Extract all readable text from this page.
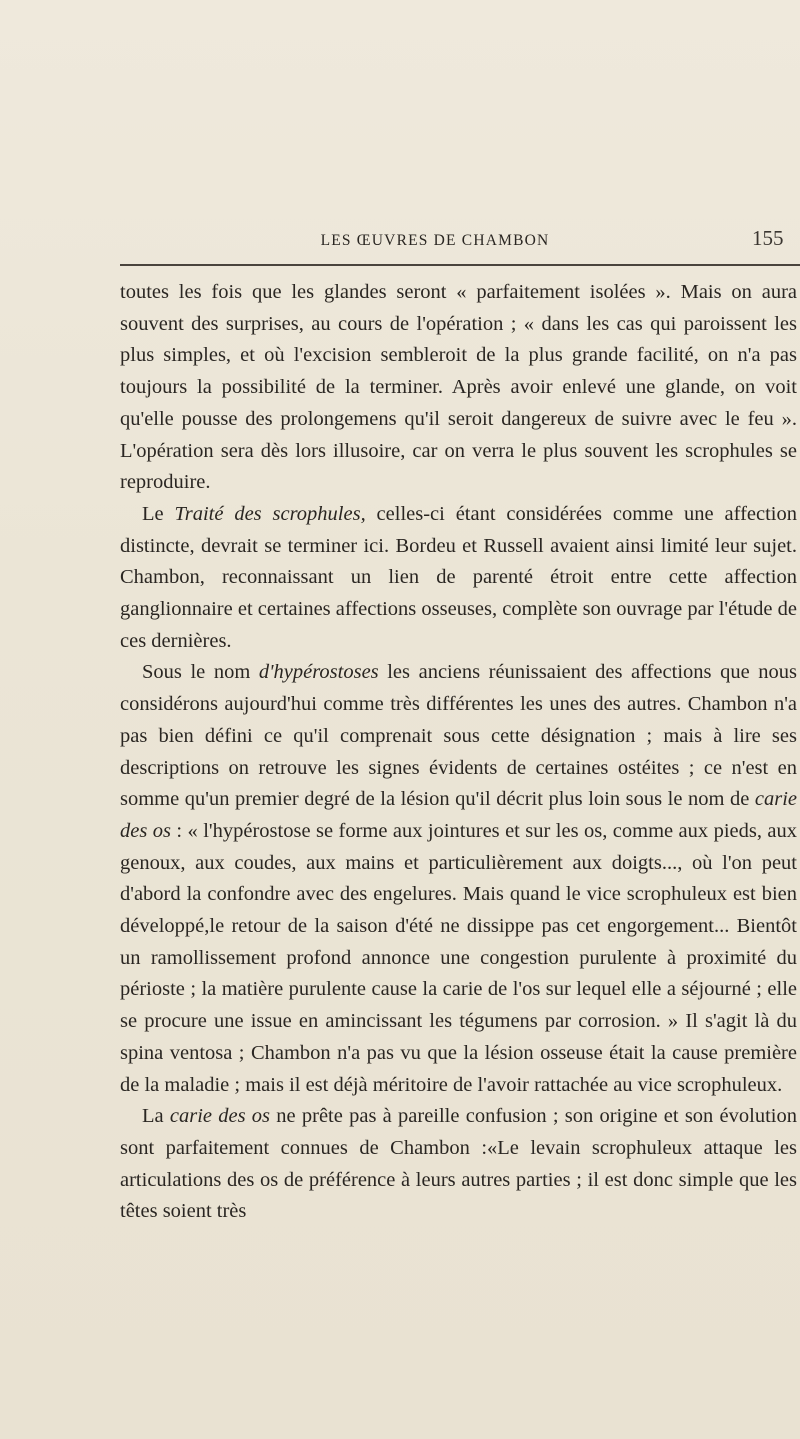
LES ŒUVRES DE CHAMBON	155

toutes les fois que les glandes seront « parfaitement isolées ». Mais on aura souvent des surprises, au cours de l'opération ; « dans les cas qui paroissent les plus simples, et où l'excision sembleroit de la plus grande facilité, on n'a pas toujours la possibilité de la terminer. Après avoir enlevé une glande, on voit qu'elle pousse des prolongemens qu'il seroit dangereux de suivre avec le feu ». L'opération sera dès lors illusoire, car on verra le plus souvent les scrophules se reproduire.

Le Traité des scrophules, celles-ci étant considérées comme une affection distincte, devrait se terminer ici. Bordeu et Russell avaient ainsi limité leur sujet. Chambon, reconnaissant un lien de parenté étroit entre cette affection ganglionnaire et certaines affections osseuses, complète son ouvrage par l'étude de ces dernières.

Sous le nom d'hypérostoses les anciens réunissaient des affections que nous considérons aujourd'hui comme très différentes les unes des autres. Chambon n'a pas bien défini ce qu'il comprenait sous cette désignation ; mais à lire ses descriptions on retrouve les signes évidents de certaines ostéites ; ce n'est en somme qu'un premier degré de la lésion qu'il décrit plus loin sous le nom de carie des os : « l'hypérostose se forme aux jointures et sur les os, comme aux pieds, aux genoux, aux coudes, aux mains et particulièrement aux doigts..., où l'on peut d'abord la confondre avec des engelures. Mais quand le vice scrophuleux est bien développé,le retour de la saison d'été ne dissippe pas cet engorgement... Bientôt un ramollissement profond annonce une congestion purulente à proximité du périoste ; la matière purulente cause la carie de l'os sur lequel elle a séjourné ; elle se procure une issue en amincissant les tégumens par corrosion. » Il s'agit là du spina ventosa ; Chambon n'a pas vu que la lésion osseuse était la cause première de la maladie ; mais il est déjà méritoire de l'avoir rattachée au vice scrophuleux.

La carie des os ne prête pas à pareille confusion ; son origine et son évolution sont parfaitement connues de Chambon :«Le levain scrophuleux attaque les articulations des os de préférence à leurs autres parties ; il est donc simple que les têtes soient très
